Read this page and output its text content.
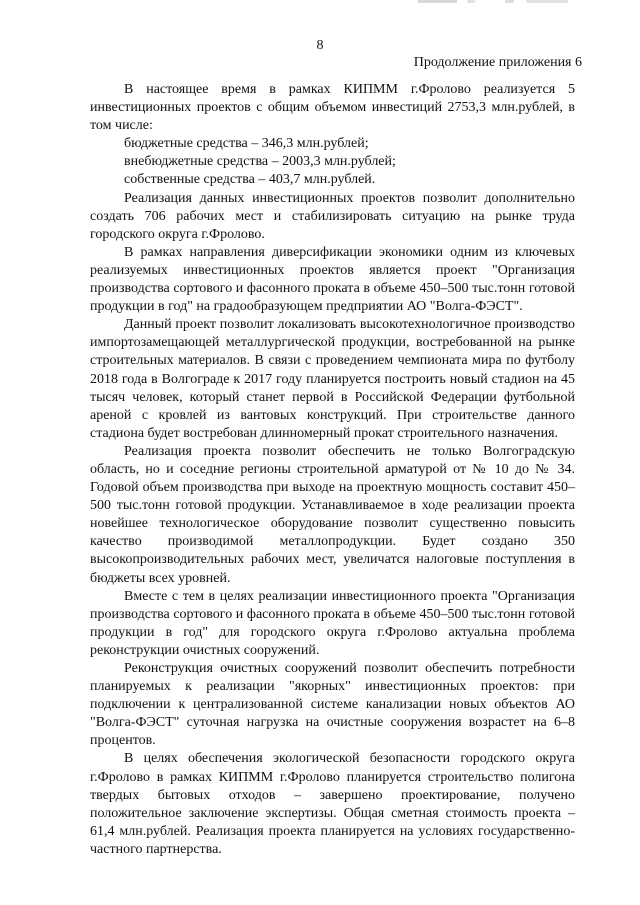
8
Продолжение приложения 6

В настоящее время в рамках КИПММ г.Фролово реализуется 5 инвестиционных проектов с общим объемом инвестиций 2753,3 млн.рублей, в том числе:

бюджетные средства – 346,3 млн.рублей;

внебюджетные средства – 2003,3 млн.рублей;

собственные средства – 403,7 млн.рублей.

Реализация данных инвестиционных проектов позволит дополнительно создать 706 рабочих мест и стабилизировать ситуацию на рынке труда городского округа г.Фролово.

В рамках направления диверсификации экономики одним из ключевых реализуемых инвестиционных проектов является проект "Организация производства сортового и фасонного проката в объеме 450–500 тыс.тонн готовой продукции в год" на градообразующем предприятии АО "Волга-ФЭСТ".

Данный проект позволит локализовать высокотехнологичное производство импортозамещающей металлургической продукции, востребованной на рынке строительных материалов. В связи с проведением чемпионата мира по футболу 2018 года в Волгограде к 2017 году планируется построить новый стадион на 45 тысяч человек, который станет первой в Российской Федерации футбольной ареной с кровлей из вантовых конструкций. При строительстве данного стадиона будет востребован длинномерный прокат строительного назначения.

Реализация проекта позволит обеспечить не только Волгоградскую область, но и соседние регионы строительной арматурой от № 10 до № 34. Годовой объем производства при выходе на проектную мощность составит 450–500 тыс.тонн готовой продукции. Устанавливаемое в ходе реализации проекта новейшее технологическое оборудование позволит существенно повысить качество производимой металлопродукции. Будет создано 350 высокопроизводительных рабочих мест, увеличатся налоговые поступления в бюджеты всех уровней.

Вместе с тем в целях реализации инвестиционного проекта "Организация производства сортового и фасонного проката в объеме 450–500 тыс.тонн готовой продукции в год" для городского округа г.Фролово актуальна проблема реконструкции очистных сооружений.

Реконструкция очистных сооружений позволит обеспечить потребности планируемых к реализации "якорных" инвестиционных проектов: при подключении к централизованной системе канализации новых объектов АО "Волга-ФЭСТ" суточная нагрузка на очистные сооружения возрастет на 6–8 процентов.

В целях обеспечения экологической безопасности городского округа г.Фролово в рамках КИПММ г.Фролово планируется строительство полигона твердых бытовых отходов – завершено проектирование, получено положительное заключение экспертизы. Общая сметная стоимость проекта – 61,4 млн.рублей. Реализация проекта планируется на условиях государственно-частного партнерства.
